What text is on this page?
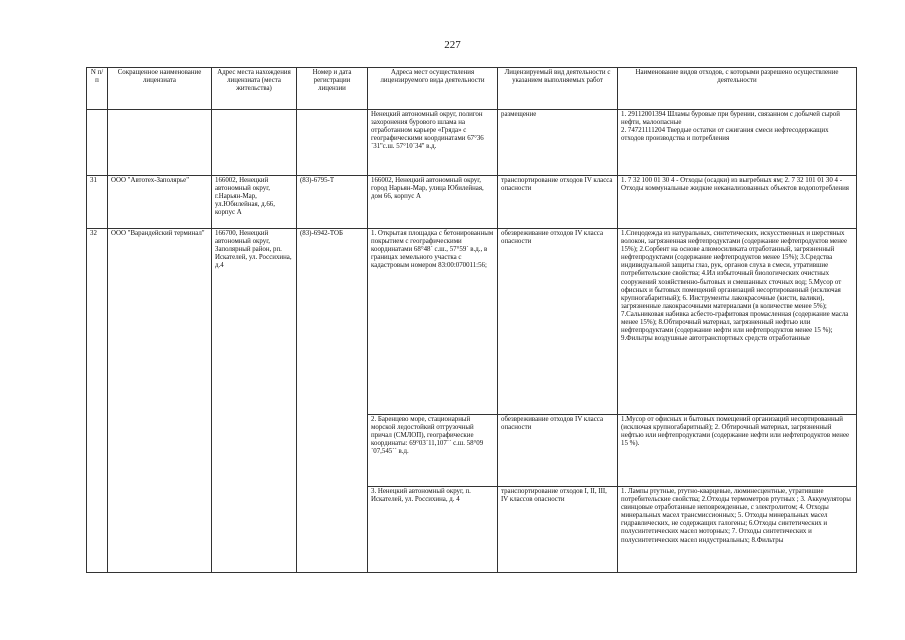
227
N п/п	Сокращенное наименование лицензиата	Адрес места нахождения лицензиата (места жительства)	Номер и дата регистрации лицензии	Адреса мест осуществления лицензируемого вида деятельности	Лицензируемый вид деятельности с указанием выполняемых работ	Наименование видов отходов, с которыми разрешено осуществление деятельности
				Ненецкий автономный округ, полигон захоронения бурового шлама на отработанном карьере «Гряда» с географическими координатами 67°36´31''с.ш. 57°10´34'' в.д.	размещение	1. 29112001394 Шламы буровые при бурении, связанном с добычей сырой нефти, малоопасные
2. 74721111204 Твердые остатки от сжигания смеси нефтесодержащих отходов производства и потребления
31	ООО "Автотех-Заполярье"	166002, Ненецкий автономный округ, г.Нарьян-Мар, ул.Юбилейная, д.66, корпус А	(83)-6795-Т	166002, Ненецкий автономный округ, город Нарьян-Мар, улица Юбилейная, дом 66, корпус А	транспортирование отходов IV класса опасности	1. 7 32 100 01 30 4 - Отходы (осадки) из выгребных ям; 2. 7 32 101 01 30 4 - Отходы коммунальные жидкие неканализованных объектов водопотребления
32	ООО "Варандейский терминал"	166700, Ненецкий автономный округ, Заполярный район, рп. Искателей, ул. Россихина, д.4	(83)-6942-ТОБ	1. Открытая площадка с бетонированным покрытием с географическими координатами 68°48´ с.ш., 57°59´ в.д., в границах земельного участка с кадастровым номером 83:00:070011:56;	обезвреживание отходов IV класса опасности	1.Спецодежда из натуральных, синтетических, искусственных и шерстяных волокон, загрязненная нефтепродуктами (содержание нефтепродуктов менее 15%); 2.Сорбент на основе алюмосиликата отработанный, загрязненный нефтепродуктами (содержание нефтепродуктов менее 15%); 3.Средства индивидуальной защиты глаз, рук, органов слуха в смеси, утратившие потребительские свойства; 4.Ил избыточный биологических очистных сооружений хозяйственно-бытовых и смешанных сточных вод; 5.Мусор от офисных и бытовых помещений организаций несортированный (исключая крупногабаритный); 6. Инструменты лакокрасочные (кисти, валики), загрязненные лакокрасочными материалами (в количестве менее 5%); 7.Сальниковая набивка асбесто-графитовая промасленная (содержание масла менее 15%); 8.Обтирочный материал, загрязненный нефтью или нефтепродуктами (содержание нефти или нефтепродуктов менее 15 %); 9.Фильтры воздушные автотранспортных средств отработанные
				2. Баренцево море, стационарный морской ледостойкий отгрузочный причал (СМЛОП), географические координаты: 69°03´11,107´´ с.ш. 58°09´07,545´´ в.д.	обезвреживание отходов IV класса опасности	1.Мусор от офисных и бытовых помещений организаций несортированный (исключая крупногабаритный); 2. Обтирочный материал, загрязненный нефтью или нефтепродуктами (содержание нефти или нефтепродуктов менее 15 %).
				3. Ненецкий автономный округ, п. Искателей, ул. Россихина, д. 4	транспортирование отходов I, II, III, IV классов опасности	1. Лампы ртутные, ртутно-кварцевые, люминесцентные, утратившие потребительские свойства; 2.Отходы термометров ртутных ; 3. Аккумуляторы свинцовые отработанные неповрежденные, с электролитом; 4. Отходы минеральных масел трансмиссионных; 5. Отходы минеральных масел гидравлических, не содержащих галогены; 6.Отходы синтетических и полусинтетических масел моторных; 7. Отходы синтетических и полусинтетических масел индустриальных; 8.Фильтры
